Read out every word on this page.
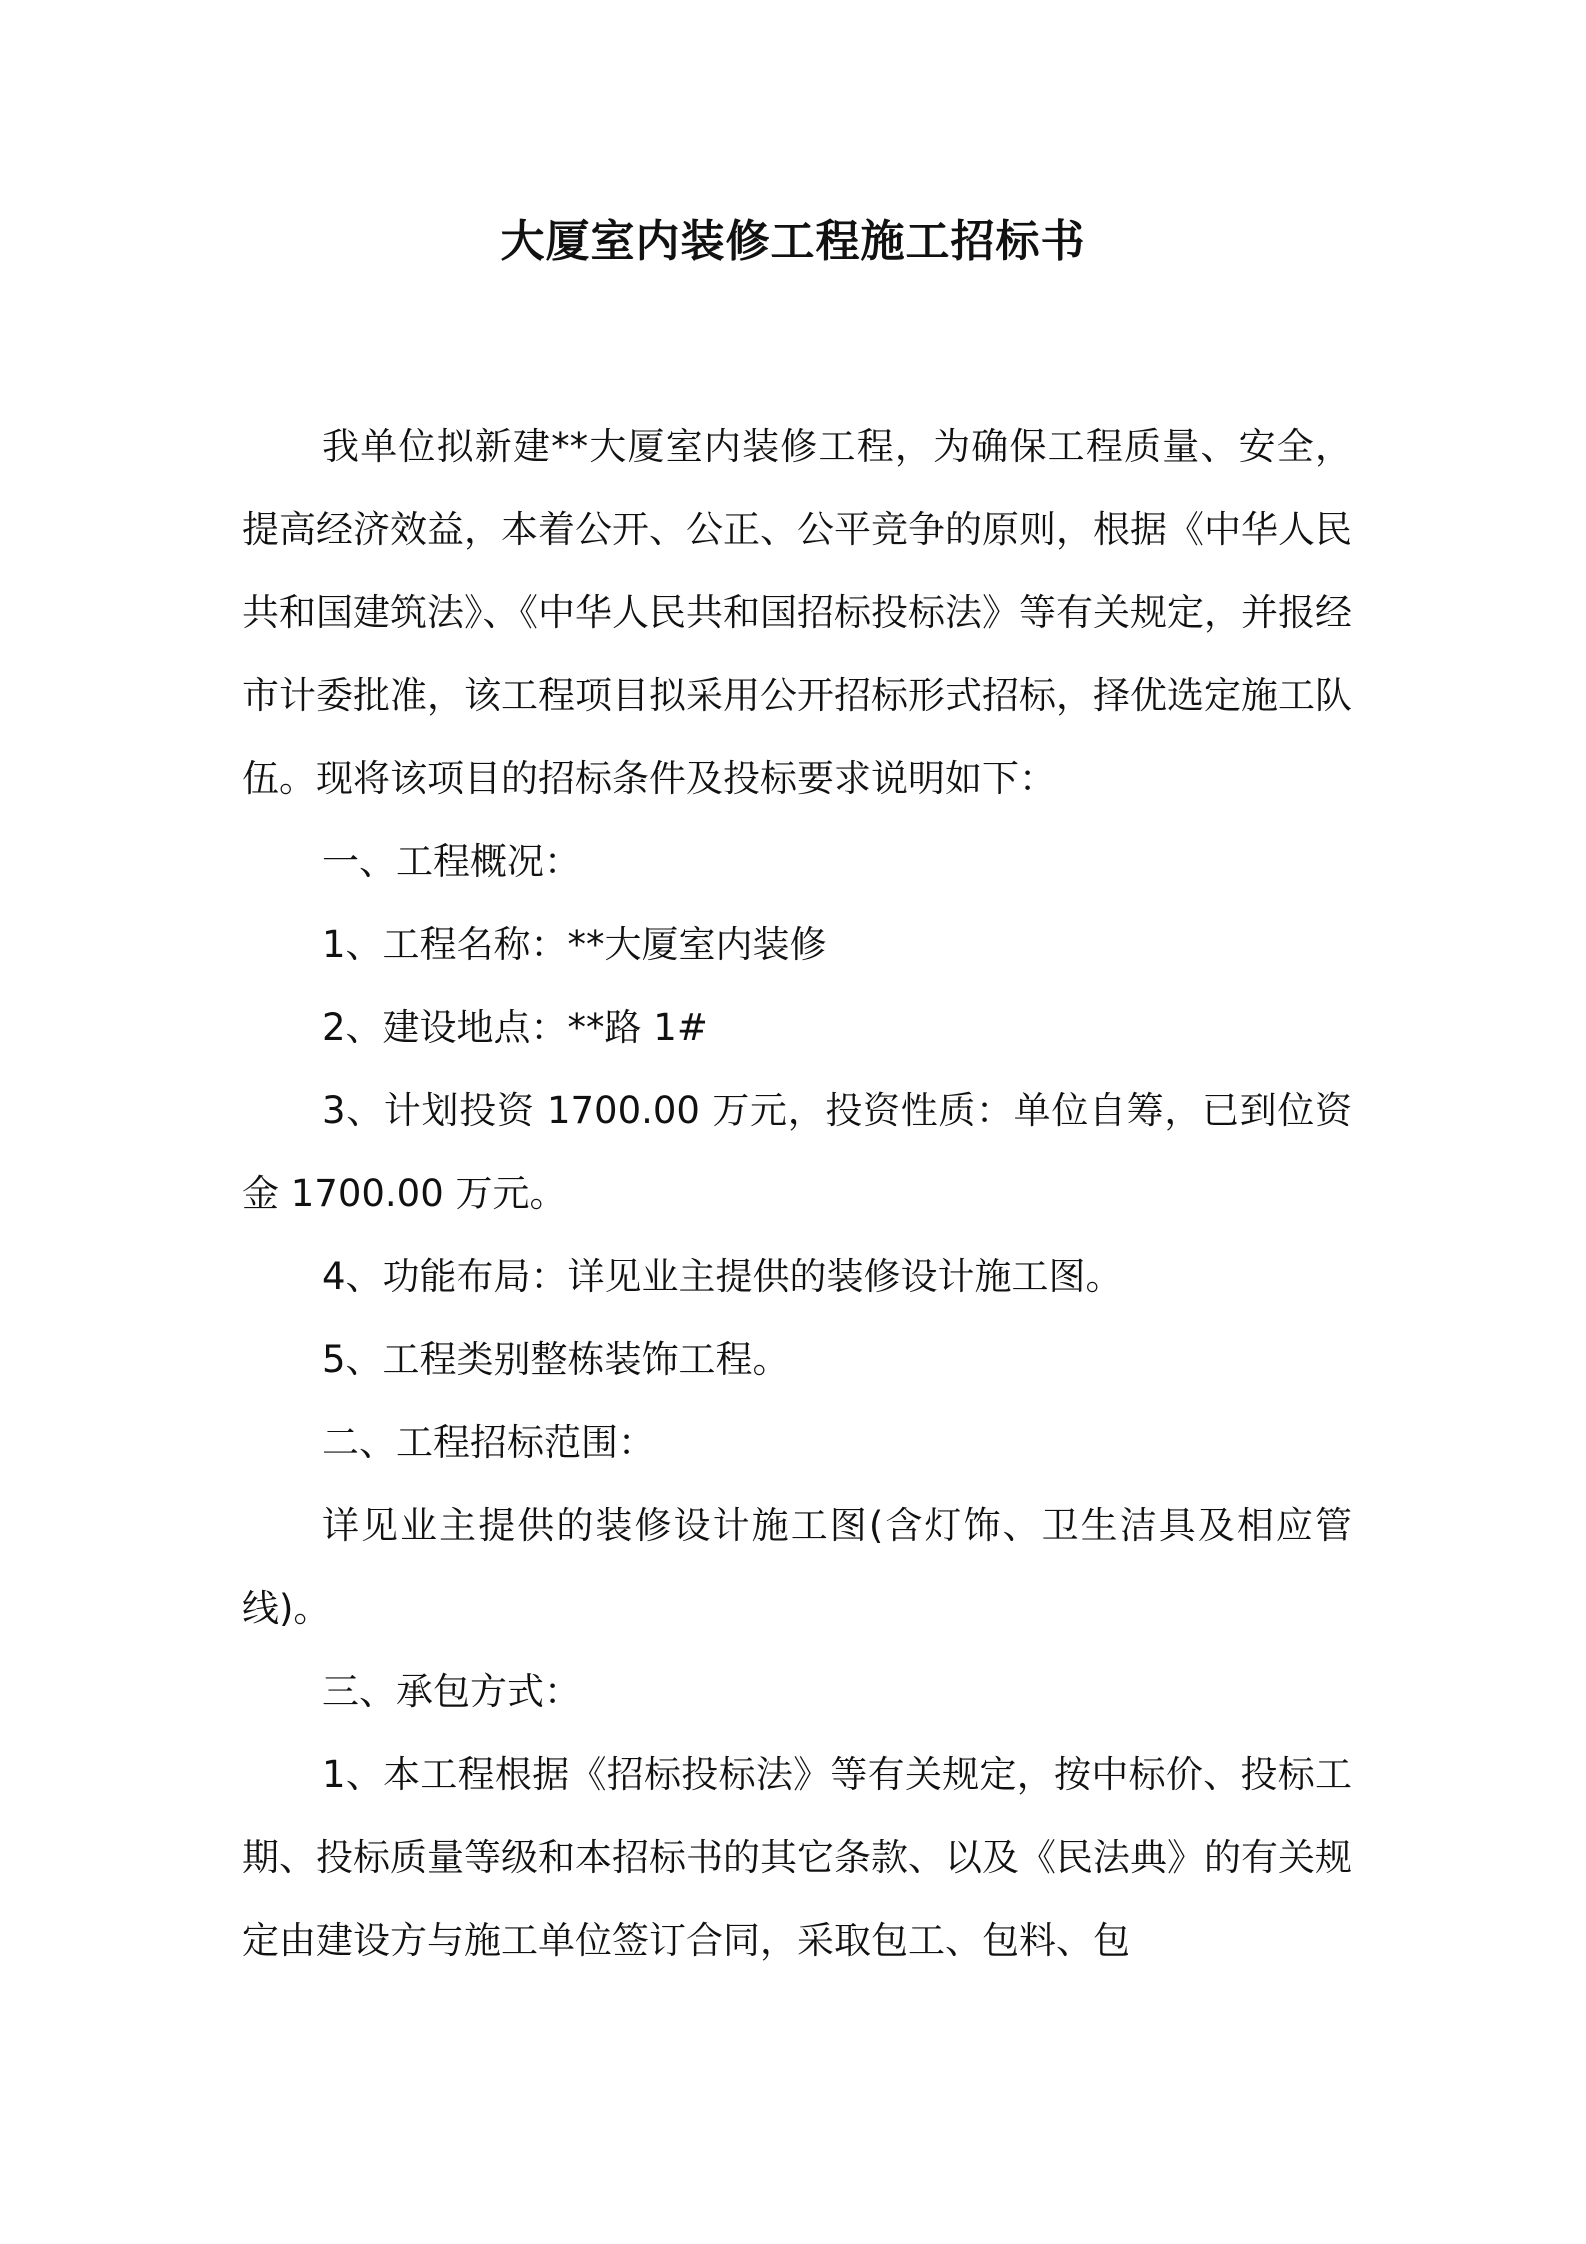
大厦室内装修工程施工招标书

我单位拟新建**大厦室内装修工程，为确保工程质量、安全，提高经济效益，本着公开、公正、公平竞争的原则，根据《中华人民共和国建筑法》、《中华人民共和国招标投标法》等有关规定，并报经市计委批准，该工程项目拟采用公开招标形式招标，择优选定施工队伍。现将该项目的招标条件及投标要求说明如下：

一、工程概况：

1、工程名称：**大厦室内装修

2、建设地点：**路 1#

3、计划投资 1700.00 万元，投资性质：单位自筹，已到位资金 1700.00 万元。

4、功能布局：详见业主提供的装修设计施工图。

5、工程类别整栋装饰工程。

二、工程招标范围：

详见业主提供的装修设计施工图(含灯饰、卫生洁具及相应管线)。

三、承包方式：

1、本工程根据《招标投标法》等有关规定，按中标价、投标工期、投标质量等级和本招标书的其它条款、以及《民法典》的有关规定由建设方与施工单位签订合同，采取包工、包料、包
